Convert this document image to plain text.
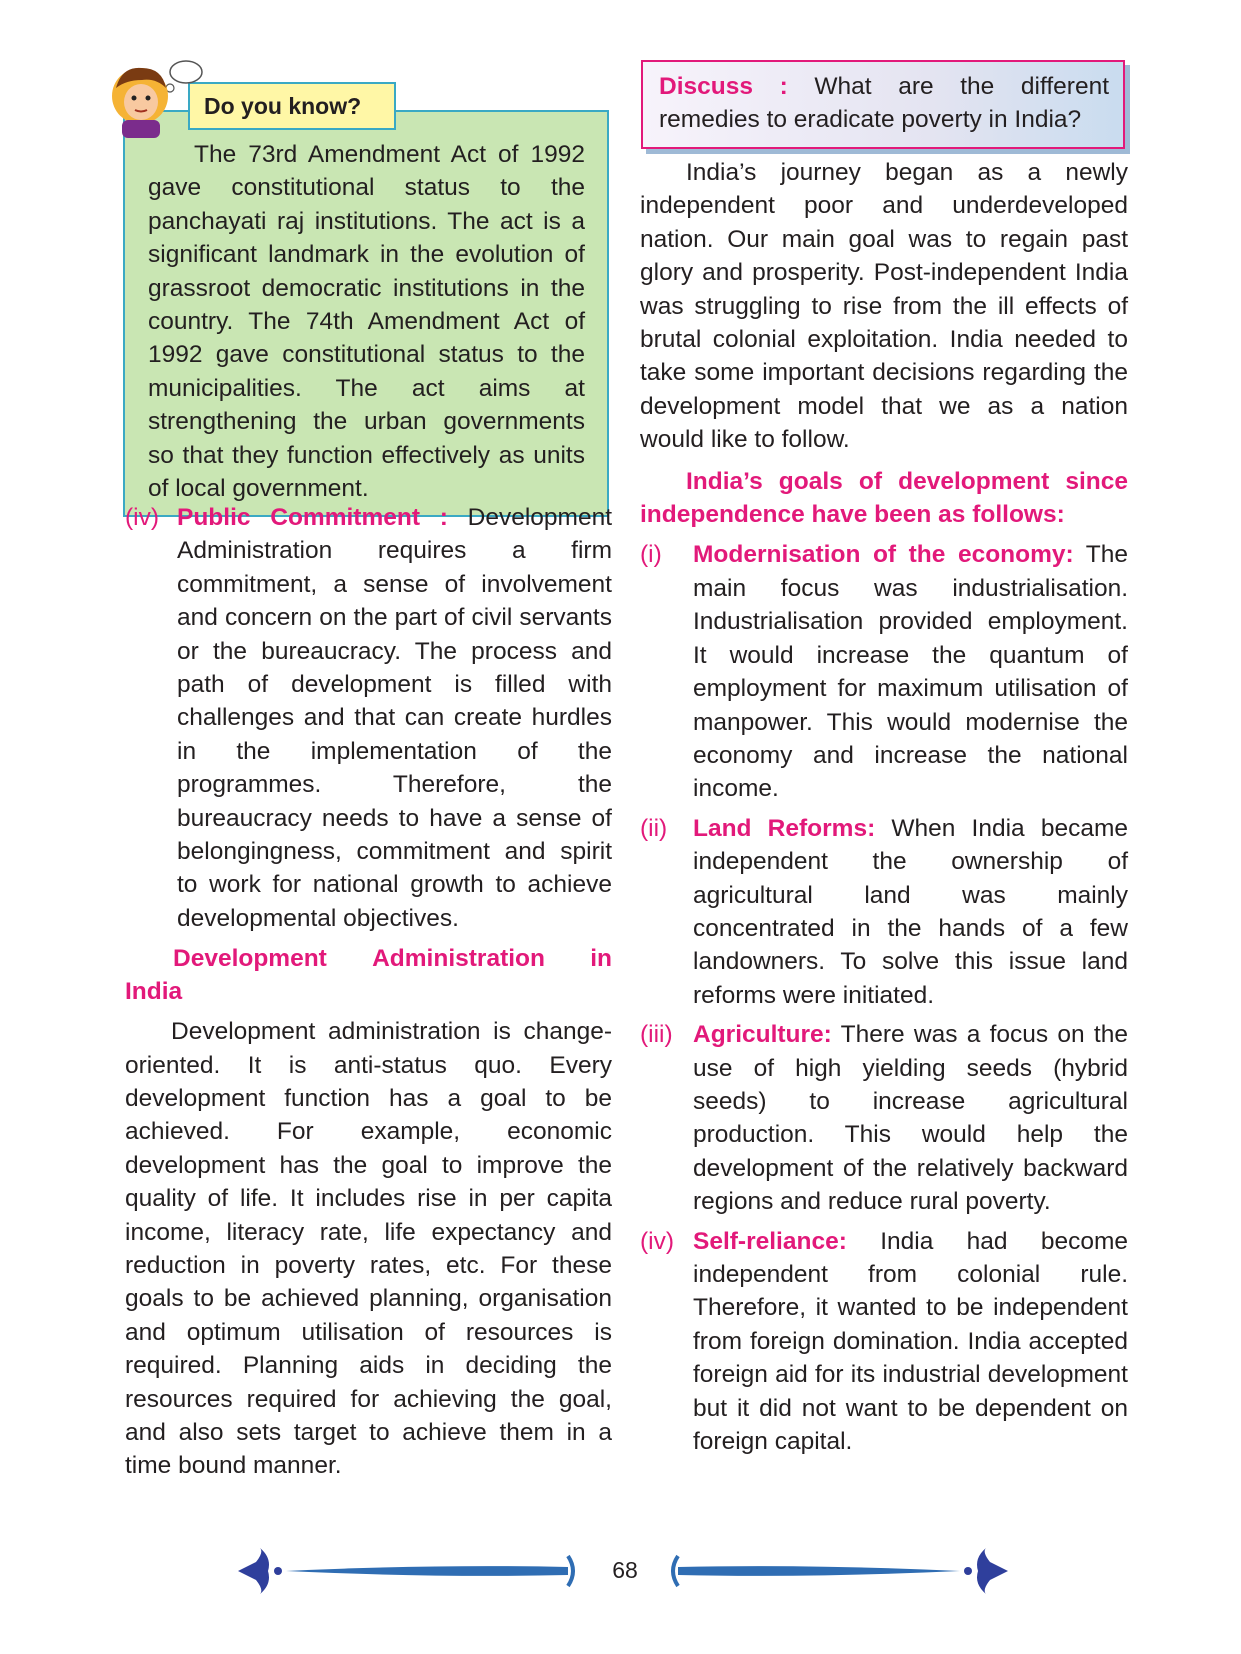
The 73rd Amendment Act of 1992 gave constitutional status to the panchayati raj institutions. The act is a significant landmark in the evolution of grassroot democratic institutions in the country. The 74th Amendment Act of 1992 gave constitutional status to the municipalities. The act aims at strengthening the urban governments so that they function effectively as units of local government.

Do you know?
Discuss : What are the different remedies to eradicate poverty in India?
(iv) Public Commitment : Development Administration requires a firm commitment, a sense of involvement and concern on the part of civil servants or the bureaucracy. The process and path of development is filled with challenges and that can create hurdles in the implementation of the programmes. Therefore, the bureaucracy needs to have a sense of belongingness, commitment and spirit to work for national growth to achieve developmental objectives.

Development Administration in

India

Development administration is change-oriented. It is anti-status quo. Every development function has a goal to be achieved. For example, economic development has the goal to improve the quality of life. It includes rise in per capita income, literacy rate, life expectancy and reduction in poverty rates, etc. For these goals to be achieved planning, organisation and optimum utilisation of resources is required. Planning aids in deciding the resources required for achieving the goal, and also sets target to achieve them in a time bound manner.

India’s journey began as a newly independent poor and underdeveloped nation. Our main goal was to regain past glory and prosperity. Post-independent India was struggling to rise from the ill effects of brutal colonial exploitation. India needed to take some important decisions regarding the development model that we as a nation would like to follow.

India’s goals of development since independence have been as follows:

(i) Modernisation of the economy: The main focus was industrialisation. Industrialisation provided employment. It would increase the quantum of employment for maximum utilisation of manpower. This would modernise the economy and increase the national income.

(ii) Land Reforms: When India became independent the ownership of agricultural land was mainly concentrated in the hands of a few landowners. To solve this issue land reforms were initiated.

(iii) Agriculture: There was a focus on the use of high yielding seeds (hybrid seeds) to increase agricultural production. This would help the development of the relatively backward regions and reduce rural poverty.

(iv) Self-reliance: India had become independent from colonial rule. Therefore, it wanted to be independent from foreign domination. India accepted foreign aid for its industrial development but it did not want to be dependent on foreign capital.

68
